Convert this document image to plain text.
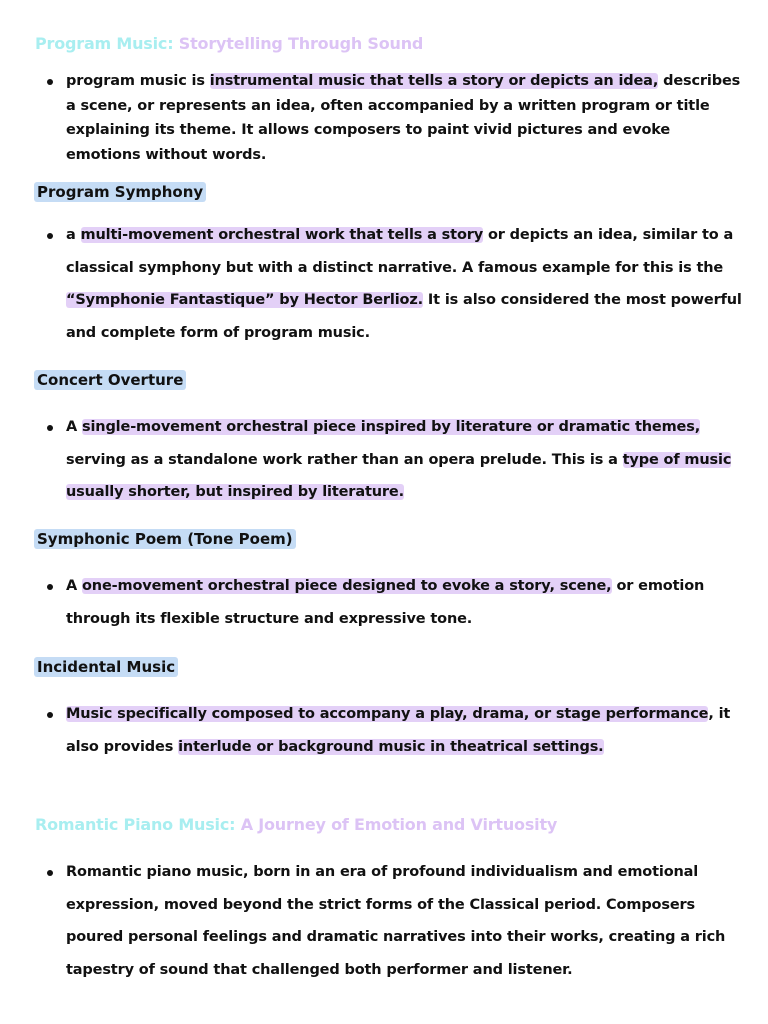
Program Music: Storytelling Through Sound

program music is instrumental music that tells a story or depicts an idea, describes a scene, or represents an idea, often accompanied by a written program or title explaining its theme. It allows composers to paint vivid pictures and evoke emotions without words.

Program Symphony

a multi-movement orchestral work that tells a story or depicts an idea, similar to a classical symphony but with a distinct narrative. A famous example for this is the “Symphonie Fantastique” by Hector Berlioz. It is also considered the most powerful and complete form of program music.

Concert Overture

A single-movement orchestral piece inspired by literature or dramatic themes, serving as a standalone work rather than an opera prelude. This is a type of music usually shorter, but inspired by literature.

Symphonic Poem (Tone Poem)

A one-movement orchestral piece designed to evoke a story, scene, or emotion through its flexible structure and expressive tone.

Incidental Music

Music specifically composed to accompany a play, drama, or stage performance, it also provides interlude or background music in theatrical settings.

Romantic Piano Music: A Journey of Emotion and Virtuosity

Romantic piano music, born in an era of profound individualism and emotional expression, moved beyond the strict forms of the Classical period. Composers poured personal feelings and dramatic narratives into their works, creating a rich tapestry of sound that challenged both performer and listener.
